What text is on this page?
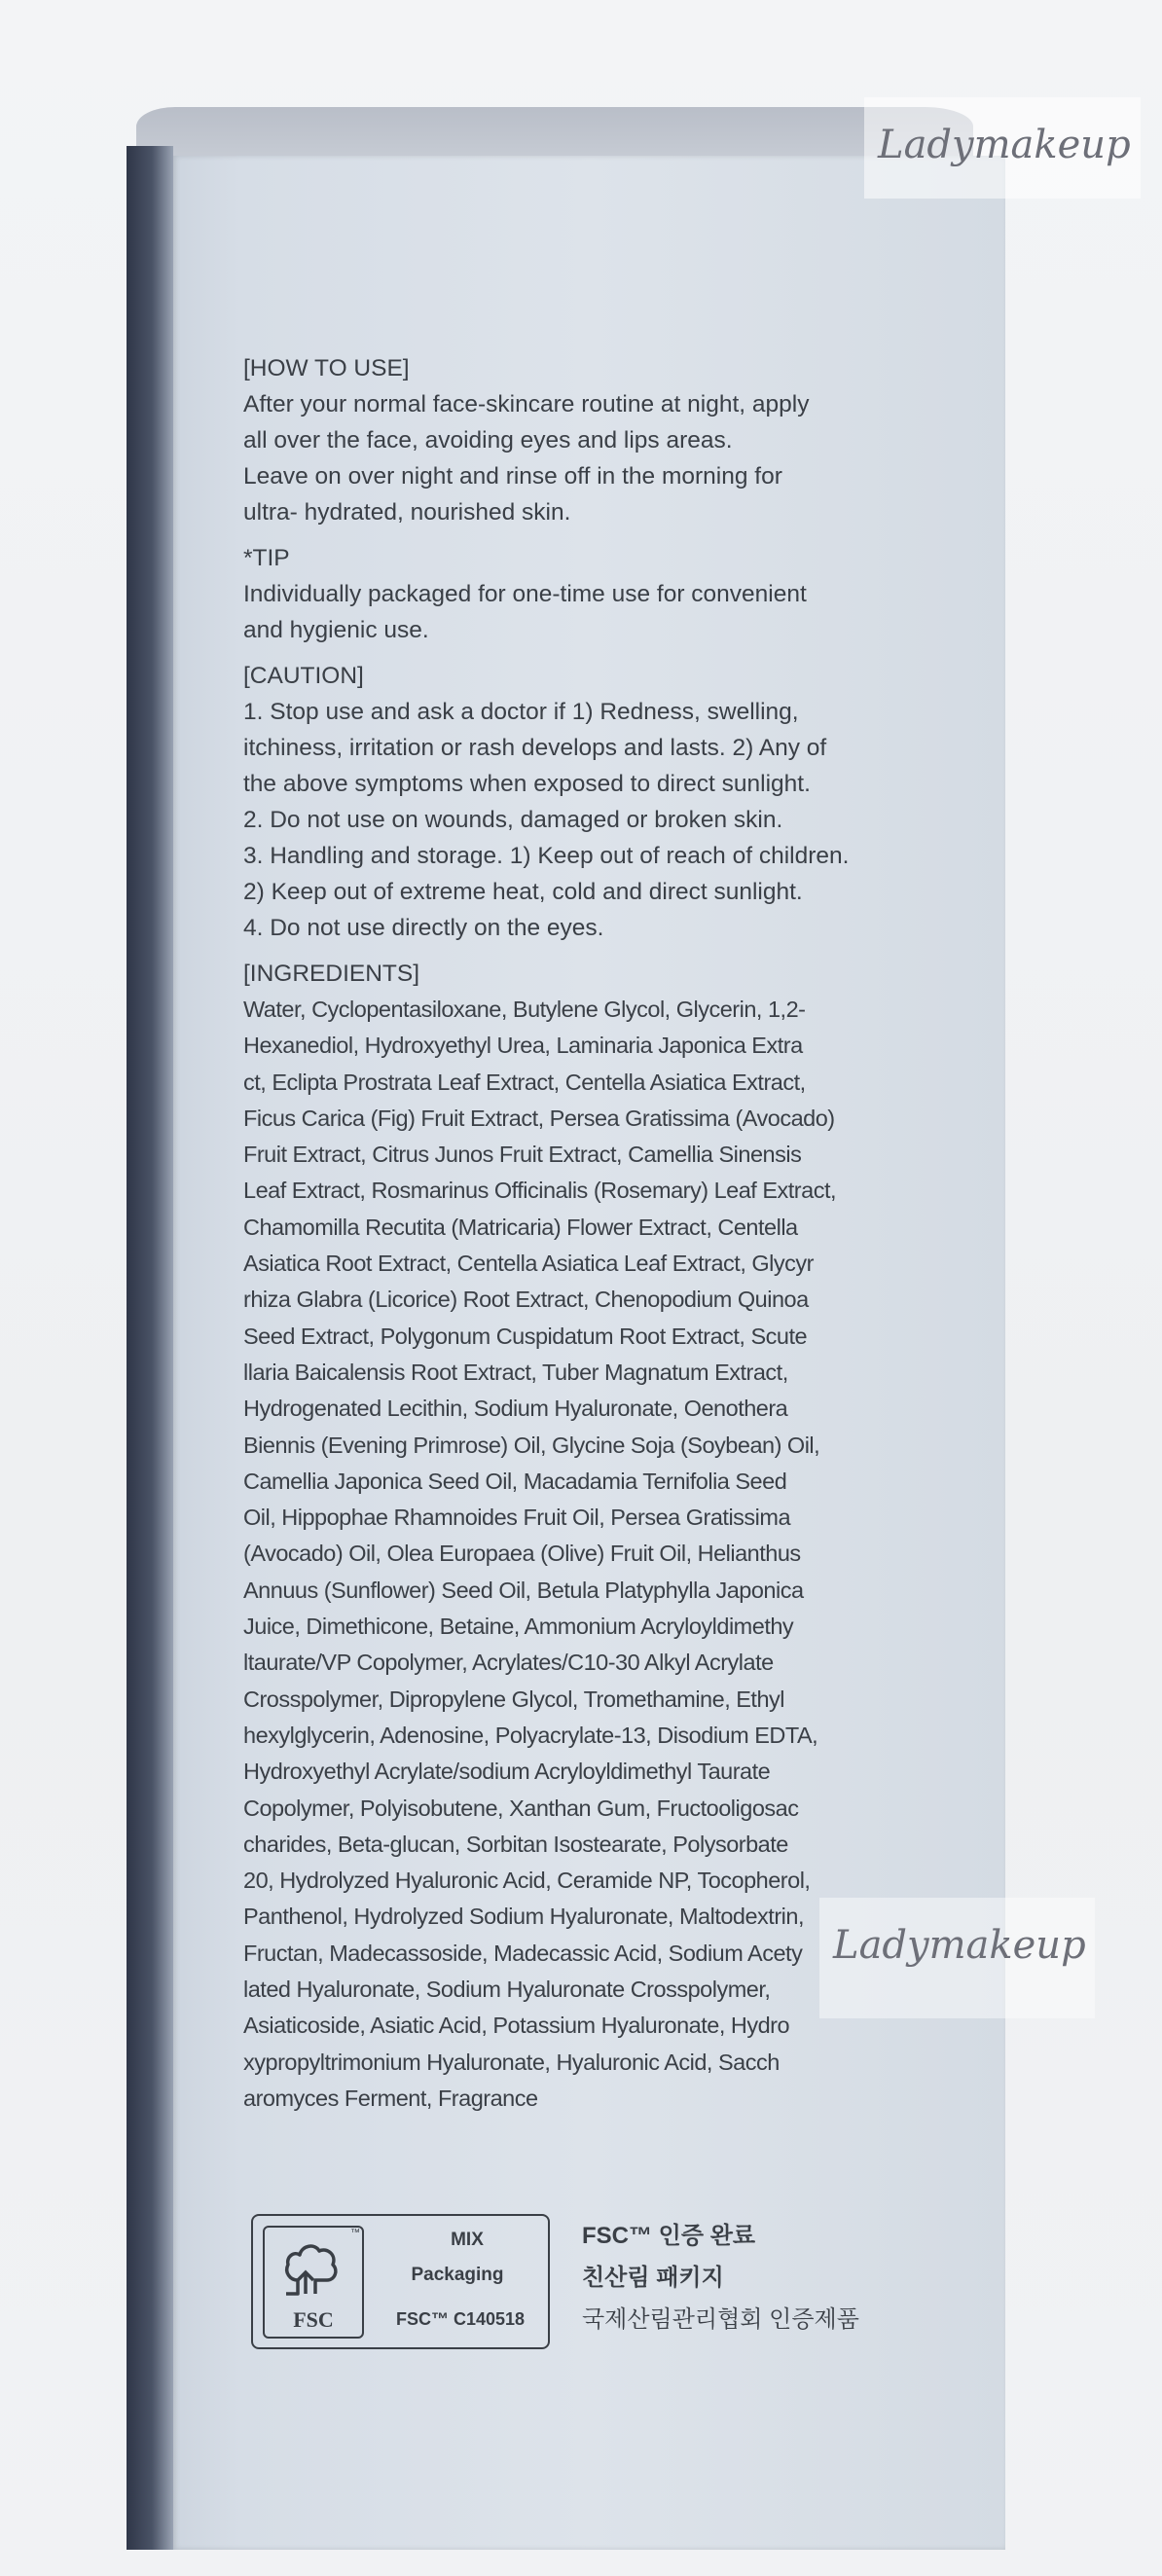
[HOW TO USE]

After your normal face-skincare routine at night, apply
all over the face, avoiding eyes and lips areas.
Leave on over night and rinse off in the morning for
ultra- hydrated, nourished skin.

*TIP

Individually packaged for one-time use for convenient
and hygienic use.

[CAUTION]

1. Stop use and ask a doctor if 1) Redness, swelling,
itchiness, irritation or rash develops and lasts. 2) Any of
the above symptoms when exposed to direct sunlight.
2. Do not use on wounds, damaged or broken skin.
3. Handling and storage. 1) Keep out of reach of children.
2) Keep out of extreme heat, cold and direct sunlight.
4. Do not use directly on the eyes.

[INGREDIENTS]

Water, Cyclopentasiloxane, Butylene Glycol, Glycerin, 1,2-
Hexanediol, Hydroxyethyl Urea, Laminaria Japonica Extra
ct, Eclipta Prostrata Leaf Extract, Centella Asiatica Extract,
Ficus Carica (Fig) Fruit Extract, Persea Gratissima (Avocado)
Fruit Extract, Citrus Junos Fruit Extract, Camellia Sinensis
Leaf Extract, Rosmarinus Officinalis (Rosemary) Leaf Extract,
Chamomilla Recutita (Matricaria) Flower Extract, Centella
Asiatica Root Extract, Centella Asiatica Leaf Extract, Glycyr
rhiza Glabra (Licorice) Root Extract, Chenopodium Quinoa
Seed Extract, Polygonum Cuspidatum Root Extract, Scute
llaria Baicalensis Root Extract, Tuber Magnatum Extract,
Hydrogenated Lecithin, Sodium Hyaluronate, Oenothera
Biennis (Evening Primrose) Oil, Glycine Soja (Soybean) Oil,
Camellia Japonica Seed Oil, Macadamia Ternifolia Seed
Oil, Hippophae Rhamnoides Fruit Oil, Persea Gratissima
(Avocado) Oil, Olea Europaea (Olive) Fruit Oil, Helianthus
Annuus (Sunflower) Seed Oil, Betula Platyphylla Japonica
Juice, Dimethicone, Betaine, Ammonium Acryloyldimethy
ltaurate/VP Copolymer, Acrylates/C10-30 Alkyl Acrylate
Crosspolymer, Dipropylene Glycol, Tromethamine, Ethyl
hexylglycerin, Adenosine, Polyacrylate-13, Disodium EDTA,
Hydroxyethyl Acrylate/sodium Acryloyldimethyl Taurate
Copolymer, Polyisobutene, Xanthan Gum, Fructooligosac
charides, Beta-glucan, Sorbitan Isostearate, Polysorbate
20, Hydrolyzed Hyaluronic Acid, Ceramide NP, Tocopherol,
Panthenol, Hydrolyzed Sodium Hyaluronate, Maltodextrin,
Fructan, Madecassoside, Madecassic Acid, Sodium Acety
lated Hyaluronate, Sodium Hyaluronate Crosspolymer,
Asiaticoside, Asiatic Acid, Potassium Hyaluronate, Hydro
xypropyltrimonium Hyaluronate, Hyaluronic Acid, Sacch
aromyces Ferment, Fragrance

™
FSC
MIX
Packaging
FSC™ C140518
FSC™ 인증 완료
친산림 패키지
국제산림관리협회 인증제품
Ladymakeup
Ladymakeup
